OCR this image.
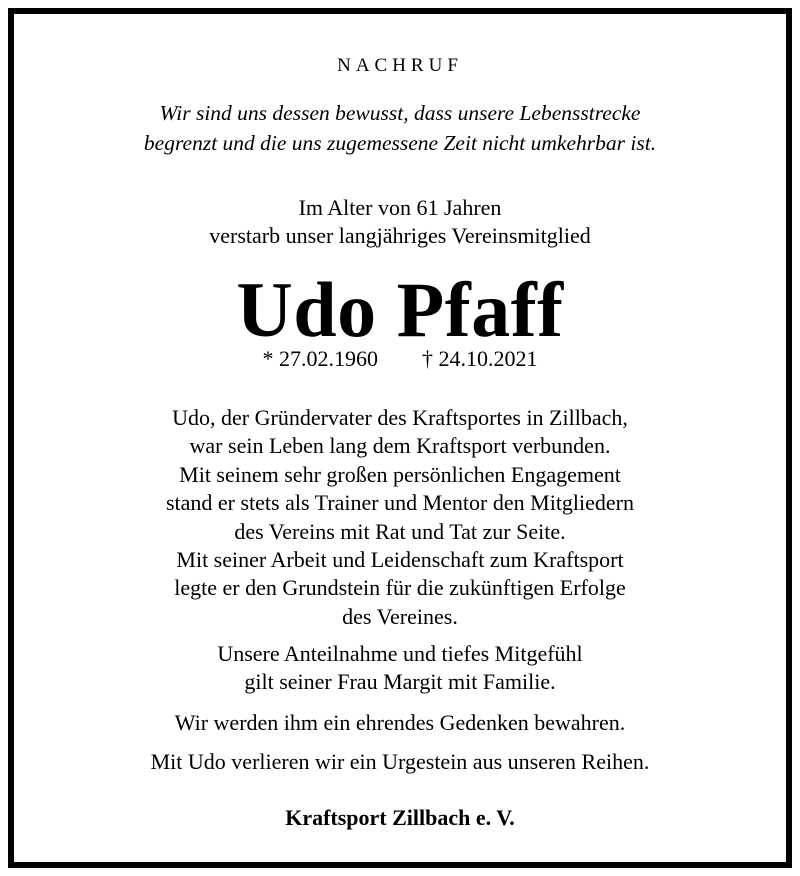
NACHRUF
Wir sind uns dessen bewusst, dass unsere Lebensstrecke
begrenzt und die uns zugemessene Zeit nicht umkehrbar ist.
Im Alter von 61 Jahren
verstarb unser langjähriges Vereinsmitglied
Udo Pfaff
* 27.02.1960 † 24.10.2021
Udo, der Gründervater des Kraftsportes in Zillbach,
war sein Leben lang dem Kraftsport verbunden.
Mit seinem sehr großen persönlichen Engagement
stand er stets als Trainer und Mentor den Mitgliedern
des Vereins mit Rat und Tat zur Seite.
Mit seiner Arbeit und Leidenschaft zum Kraftsport
legte er den Grundstein für die zukünftigen Erfolge
des Vereines.
Unsere Anteilnahme und tiefes Mitgefühl
gilt seiner Frau Margit mit Familie.
Wir werden ihm ein ehrendes Gedenken bewahren.
Mit Udo verlieren wir ein Urgestein aus unseren Reihen.
Kraftsport Zillbach e. V.
